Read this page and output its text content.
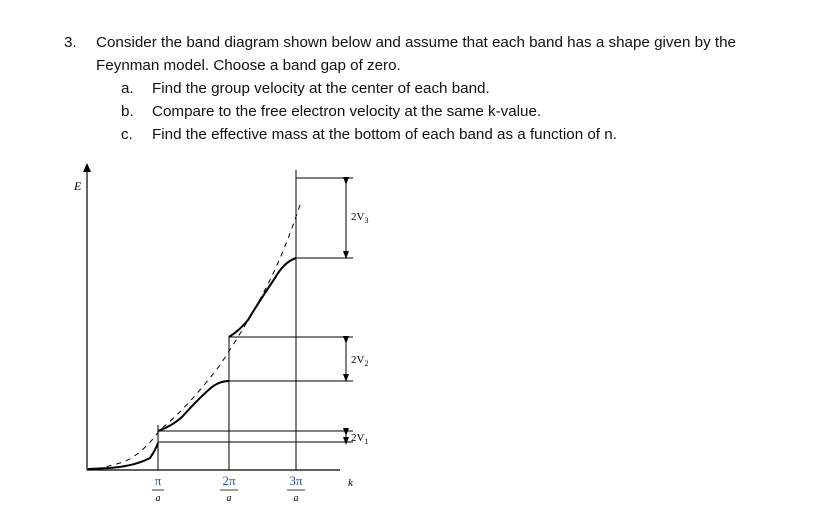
3. Consider the band diagram shown below and assume that each band has a shape given by the Feynman model. Choose a band gap of zero.
a. Find the group velocity at the center of each band.
b. Compare to the free electron velocity at the same k-value.
c. Find the effective mass at the bottom of each band as a function of n.
E
k
$2V_1$
$2V_2$
$2V_3$
π
a
2π
a
3π
a
